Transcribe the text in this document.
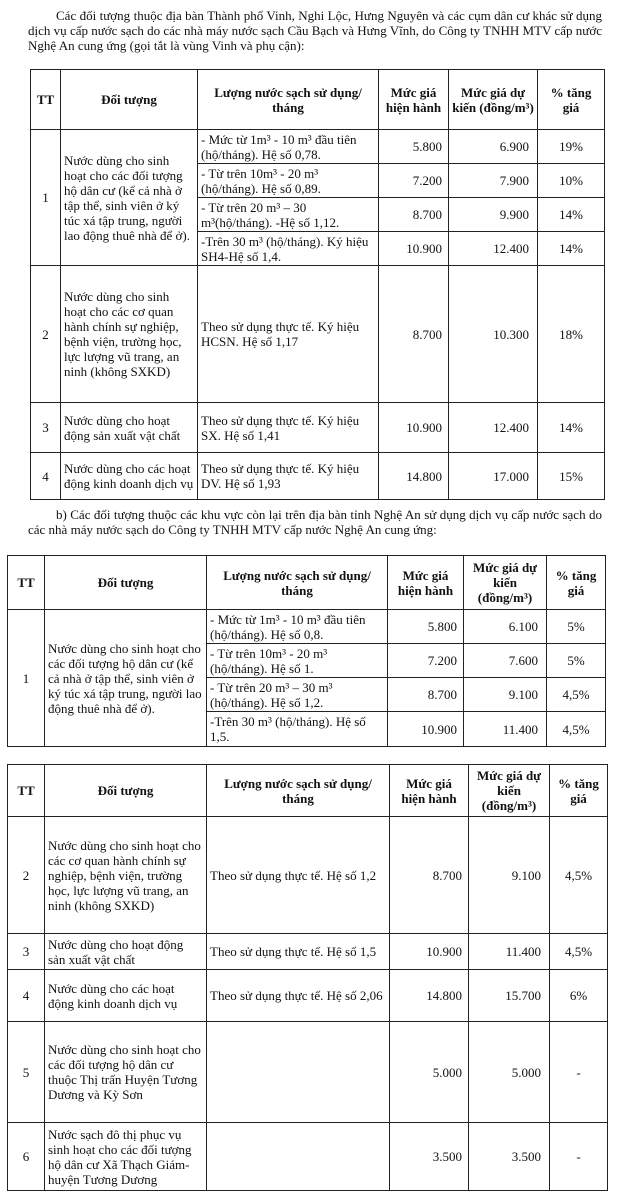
Các đối tượng thuộc địa bàn Thành phố Vinh, Nghi Lộc, Hưng Nguyên và các cụm dân cư khác sử dụng dịch vụ cấp nước sạch do các nhà máy nước sạch Cầu Bạch và Hưng Vĩnh, do Công ty TNHH MTV cấp nước Nghệ An cung ứng (gọi tắt là vùng Vinh và phụ cận):

TT	Đối tượng	Lượng nước sạch sử dụng/ tháng	Mức giá hiện hành	Mức giá dự kiến (đồng/m³)	% tăng giá
1	Nước dùng cho sinh hoạt cho các đối tượng hộ dân cư (kể cả nhà ở tập thể, sinh viên ở ký túc xá tập trung, người lao động thuê nhà để ở).	- Mức từ 1m³ - 10 m³ đầu tiên (hộ/tháng). Hệ số 0,78.	5.800	6.900	19%
		- Từ trên 10m³ - 20 m³ (hộ/tháng). Hệ số 0,89.	7.200	7.900	10%
		- Từ trên 20 m³ – 30 m³(hộ/tháng). -Hệ số 1,12.	8.700	9.900	14%
		-Trên 30 m³ (hộ/tháng). Ký hiệu SH4-Hệ số 1,4.	10.900	12.400	14%
2	Nước dùng cho sinh hoạt cho các cơ quan hành chính sự nghiệp, bệnh viện, trường học, lực lượng vũ trang, an ninh (không SXKD)	Theo sử dụng thực tế. Ký hiệu HCSN. Hệ số 1,17	8.700	10.300	18%
3	Nước dùng cho hoạt động sản xuất vật chất	Theo sử dụng thực tế. Ký hiệu SX. Hệ số 1,41	10.900	12.400	14%
4	Nước dùng cho các hoạt động kinh doanh dịch vụ	Theo sử dụng thực tế. Ký hiệu DV. Hệ số 1,93	14.800	17.000	15%

b) Các đối tượng thuộc các khu vực còn lại trên địa bàn tỉnh Nghệ An sử dụng dịch vụ cấp nước sạch do các nhà máy nước sạch do Công ty TNHH MTV cấp nước Nghệ An cung ứng:

TT	Đối tượng	Lượng nước sạch sử dụng/ tháng	Mức giá hiện hành	Mức giá dự kiến (đồng/m³)	% tăng giá
1	Nước dùng cho sinh hoạt cho các đối tượng hộ dân cư (kể cả nhà ở tập thể, sinh viên ở ký túc xá tập trung, người lao động thuê nhà để ở).	- Mức từ 1m³ - 10 m³ đầu tiên (hộ/tháng). Hệ số 0,8.	5.800	6.100	5%
		- Từ trên 10m³ - 20 m³ (hộ/tháng). Hệ số 1.	7.200	7.600	5%
		- Từ trên 20 m³ – 30 m³ (hộ/tháng). Hệ số 1,2.	8.700	9.100	4,5%
		-Trên 30 m³ (hộ/tháng). Hệ số 1,5.	10.900	11.400	4,5%
TT	Đối tượng	Lượng nước sạch sử dụng/ tháng	Mức giá hiện hành	Mức giá dự kiến (đồng/m³)	% tăng giá
2	Nước dùng cho sinh hoạt cho các cơ quan hành chính sự nghiệp, bệnh viện, trường học, lực lượng vũ trang, an ninh (không SXKD)	Theo sử dụng thực tế. Hệ số 1,2	8.700	9.100	4,5%
3	Nước dùng cho hoạt động sản xuất vật chất	Theo sử dụng thực tế. Hệ số 1,5	10.900	11.400	4,5%
4	Nước dùng cho các hoạt động kinh doanh dịch vụ	Theo sử dụng thực tế. Hệ số 2,06	14.800	15.700	6%
5	Nước dùng cho sinh hoạt cho các đối tượng hộ dân cư thuộc Thị trấn Huyện Tương Dương và Kỳ Sơn		5.000	5.000	-
6	Nước sạch đô thị phục vụ sinh hoạt cho các đối tượng hộ dân cư Xã Thạch Giám-huyện Tương Dương		3.500	3.500	-
